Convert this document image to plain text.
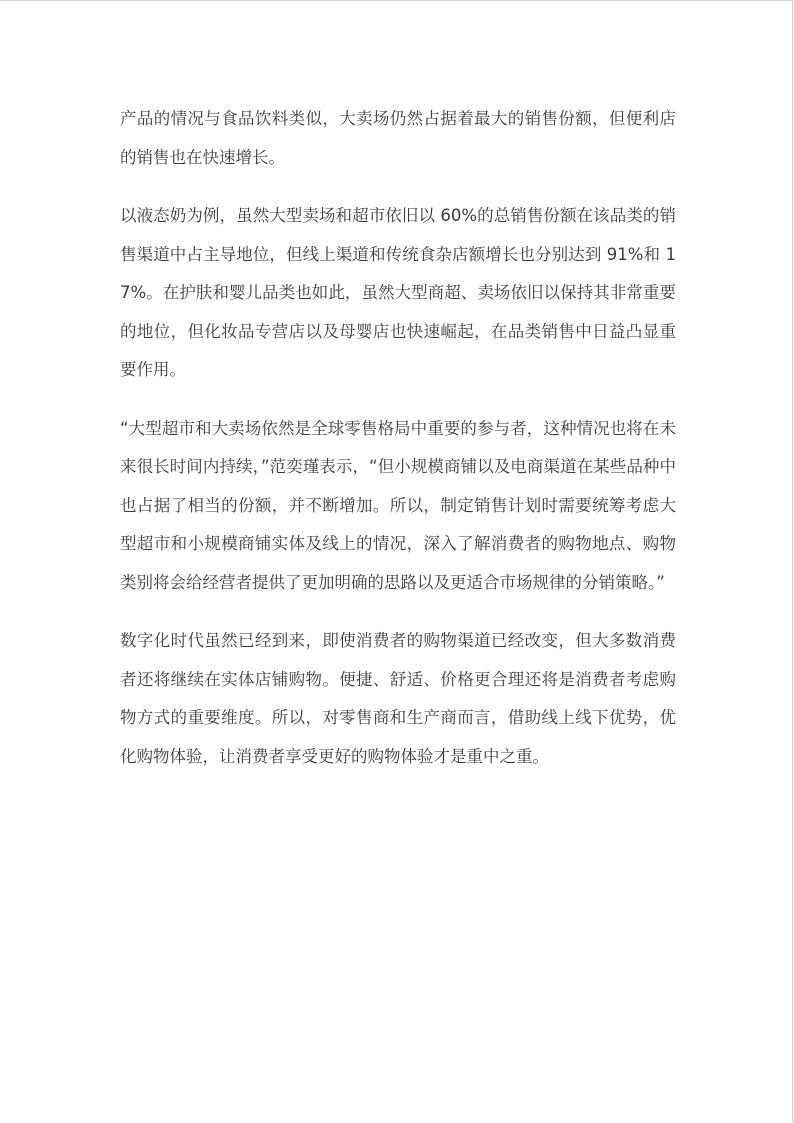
产品的情况与食品饮料类似，大卖场仍然占据着最大的销售份额，但便利店的销售也在快速增长。

以液态奶为例，虽然大型卖场和超市依旧以 60%的总销售份额在该品类的销售渠道中占主导地位，但线上渠道和传统食杂店额增长也分别达到 91%和 17%。在护肤和婴儿品类也如此，虽然大型商超、卖场依旧以保持其非常重要的地位，但化妆品专营店以及母婴店也快速崛起，在品类销售中日益凸显重要作用。

“大型超市和大卖场依然是全球零售格局中重要的参与者，这种情况也将在未来很长时间内持续，”范奕瑾表示，“但小规模商铺以及电商渠道在某些品种中也占据了相当的份额，并不断增加。所以，制定销售计划时需要统筹考虑大型超市和小规模商铺实体及线上的情况，深入了解消费者的购物地点、购物类别将会给经营者提供了更加明确的思路以及更适合市场规律的分销策略。”

数字化时代虽然已经到来，即使消费者的购物渠道已经改变，但大多数消费者还将继续在实体店铺购物。便捷、舒适、价格更合理还将是消费者考虑购物方式的重要维度。所以，对零售商和生产商而言，借助线上线下优势，优化购物体验，让消费者享受更好的购物体验才是重中之重。
